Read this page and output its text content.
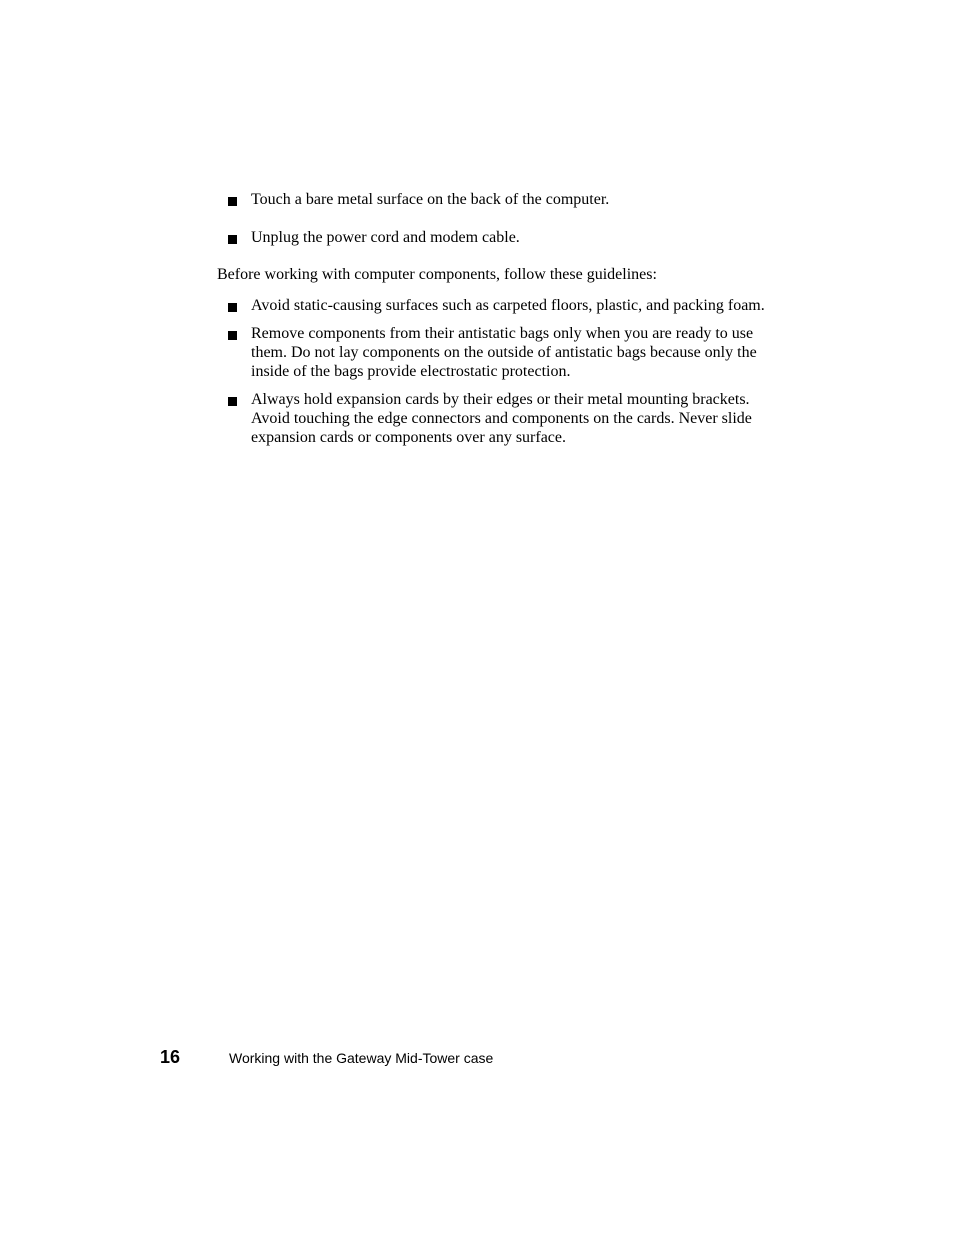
Touch a bare metal surface on the back of the computer.
Unplug the power cord and modem cable.

Before working with computer components, follow these guidelines:

Avoid static-causing surfaces such as carpeted floors, plastic, and packing foam.
Remove components from their antistatic bags only when you are ready to use them. Do not lay components on the outside of antistatic bags because only the inside of the bags provide electrostatic protection.
Always hold expansion cards by their edges or their metal mounting brackets. Avoid touching the edge connectors and components on the cards. Never slide expansion cards or components over any surface.
16	Working with the Gateway Mid-Tower case
